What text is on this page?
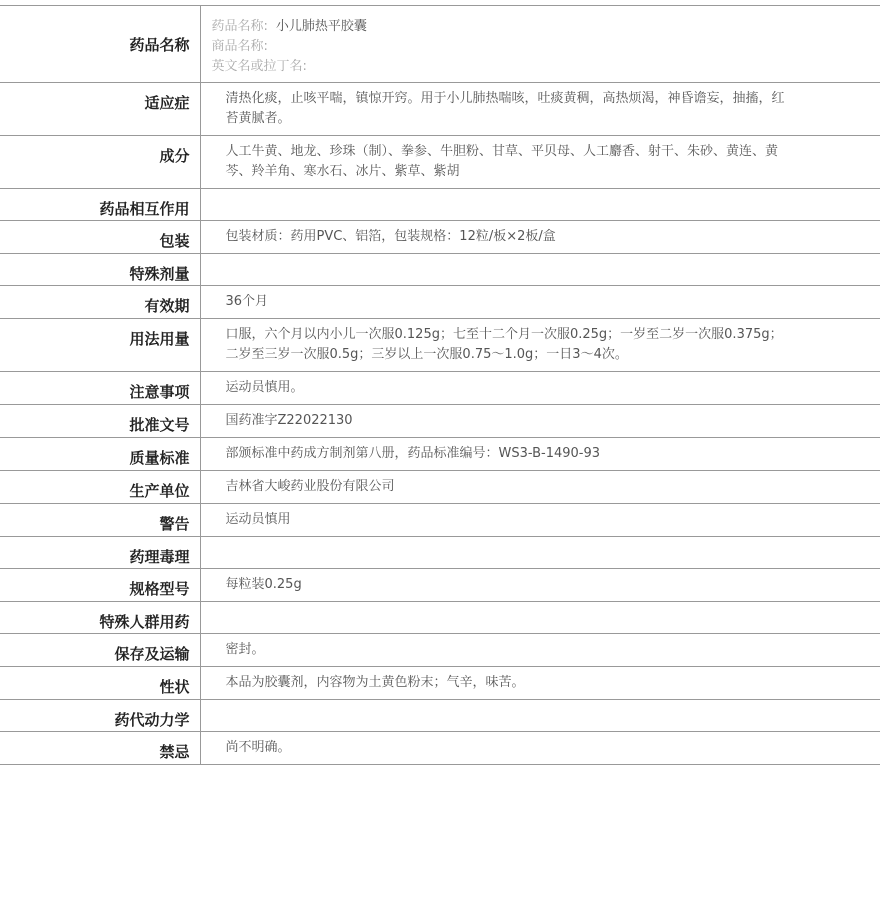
药品名称	药品名称: 小儿肺热平胶囊
商品名称:
英文名或拉丁名:

适应症	清热化痰，止咳平喘，镇惊开窍。用于小儿肺热喘咳，吐痰黄稠，高热烦渴，神昏谵妄，抽搐，红苔黄腻者。
成分	人工牛黄、地龙、珍珠（制）、拳参、牛胆粉、甘草、平贝母、人工麝香、射干、朱砂、黄连、黄芩、羚羊角、寒水石、冰片、紫草、紫胡
药品相互作用	
包装	包装材质：药用PVC、铝箔，包装规格：12粒/板×2板/盒
特殊剂量	
有效期	36个月
用法用量	口服，六个月以内小儿一次服0.125g；七至十二个月一次服0.25g；一岁至二岁一次服0.375g；二岁至三岁一次服0.5g；三岁以上一次服0.75～1.0g；一日3～4次。
注意事项	运动员慎用。
批准文号	国药准字Z22022130
质量标准	部颁标准中药成方制剂第八册，药品标准编号：WS3-B-1490-93
生产单位	吉林省大峻药业股份有限公司
警告	运动员慎用
药理毒理	
规格型号	每粒装0.25g
特殊人群用药	
保存及运输	密封。
性状	本品为胶囊剂，内容物为土黄色粉末；气辛，味苦。
药代动力学	
禁忌	尚不明确。
